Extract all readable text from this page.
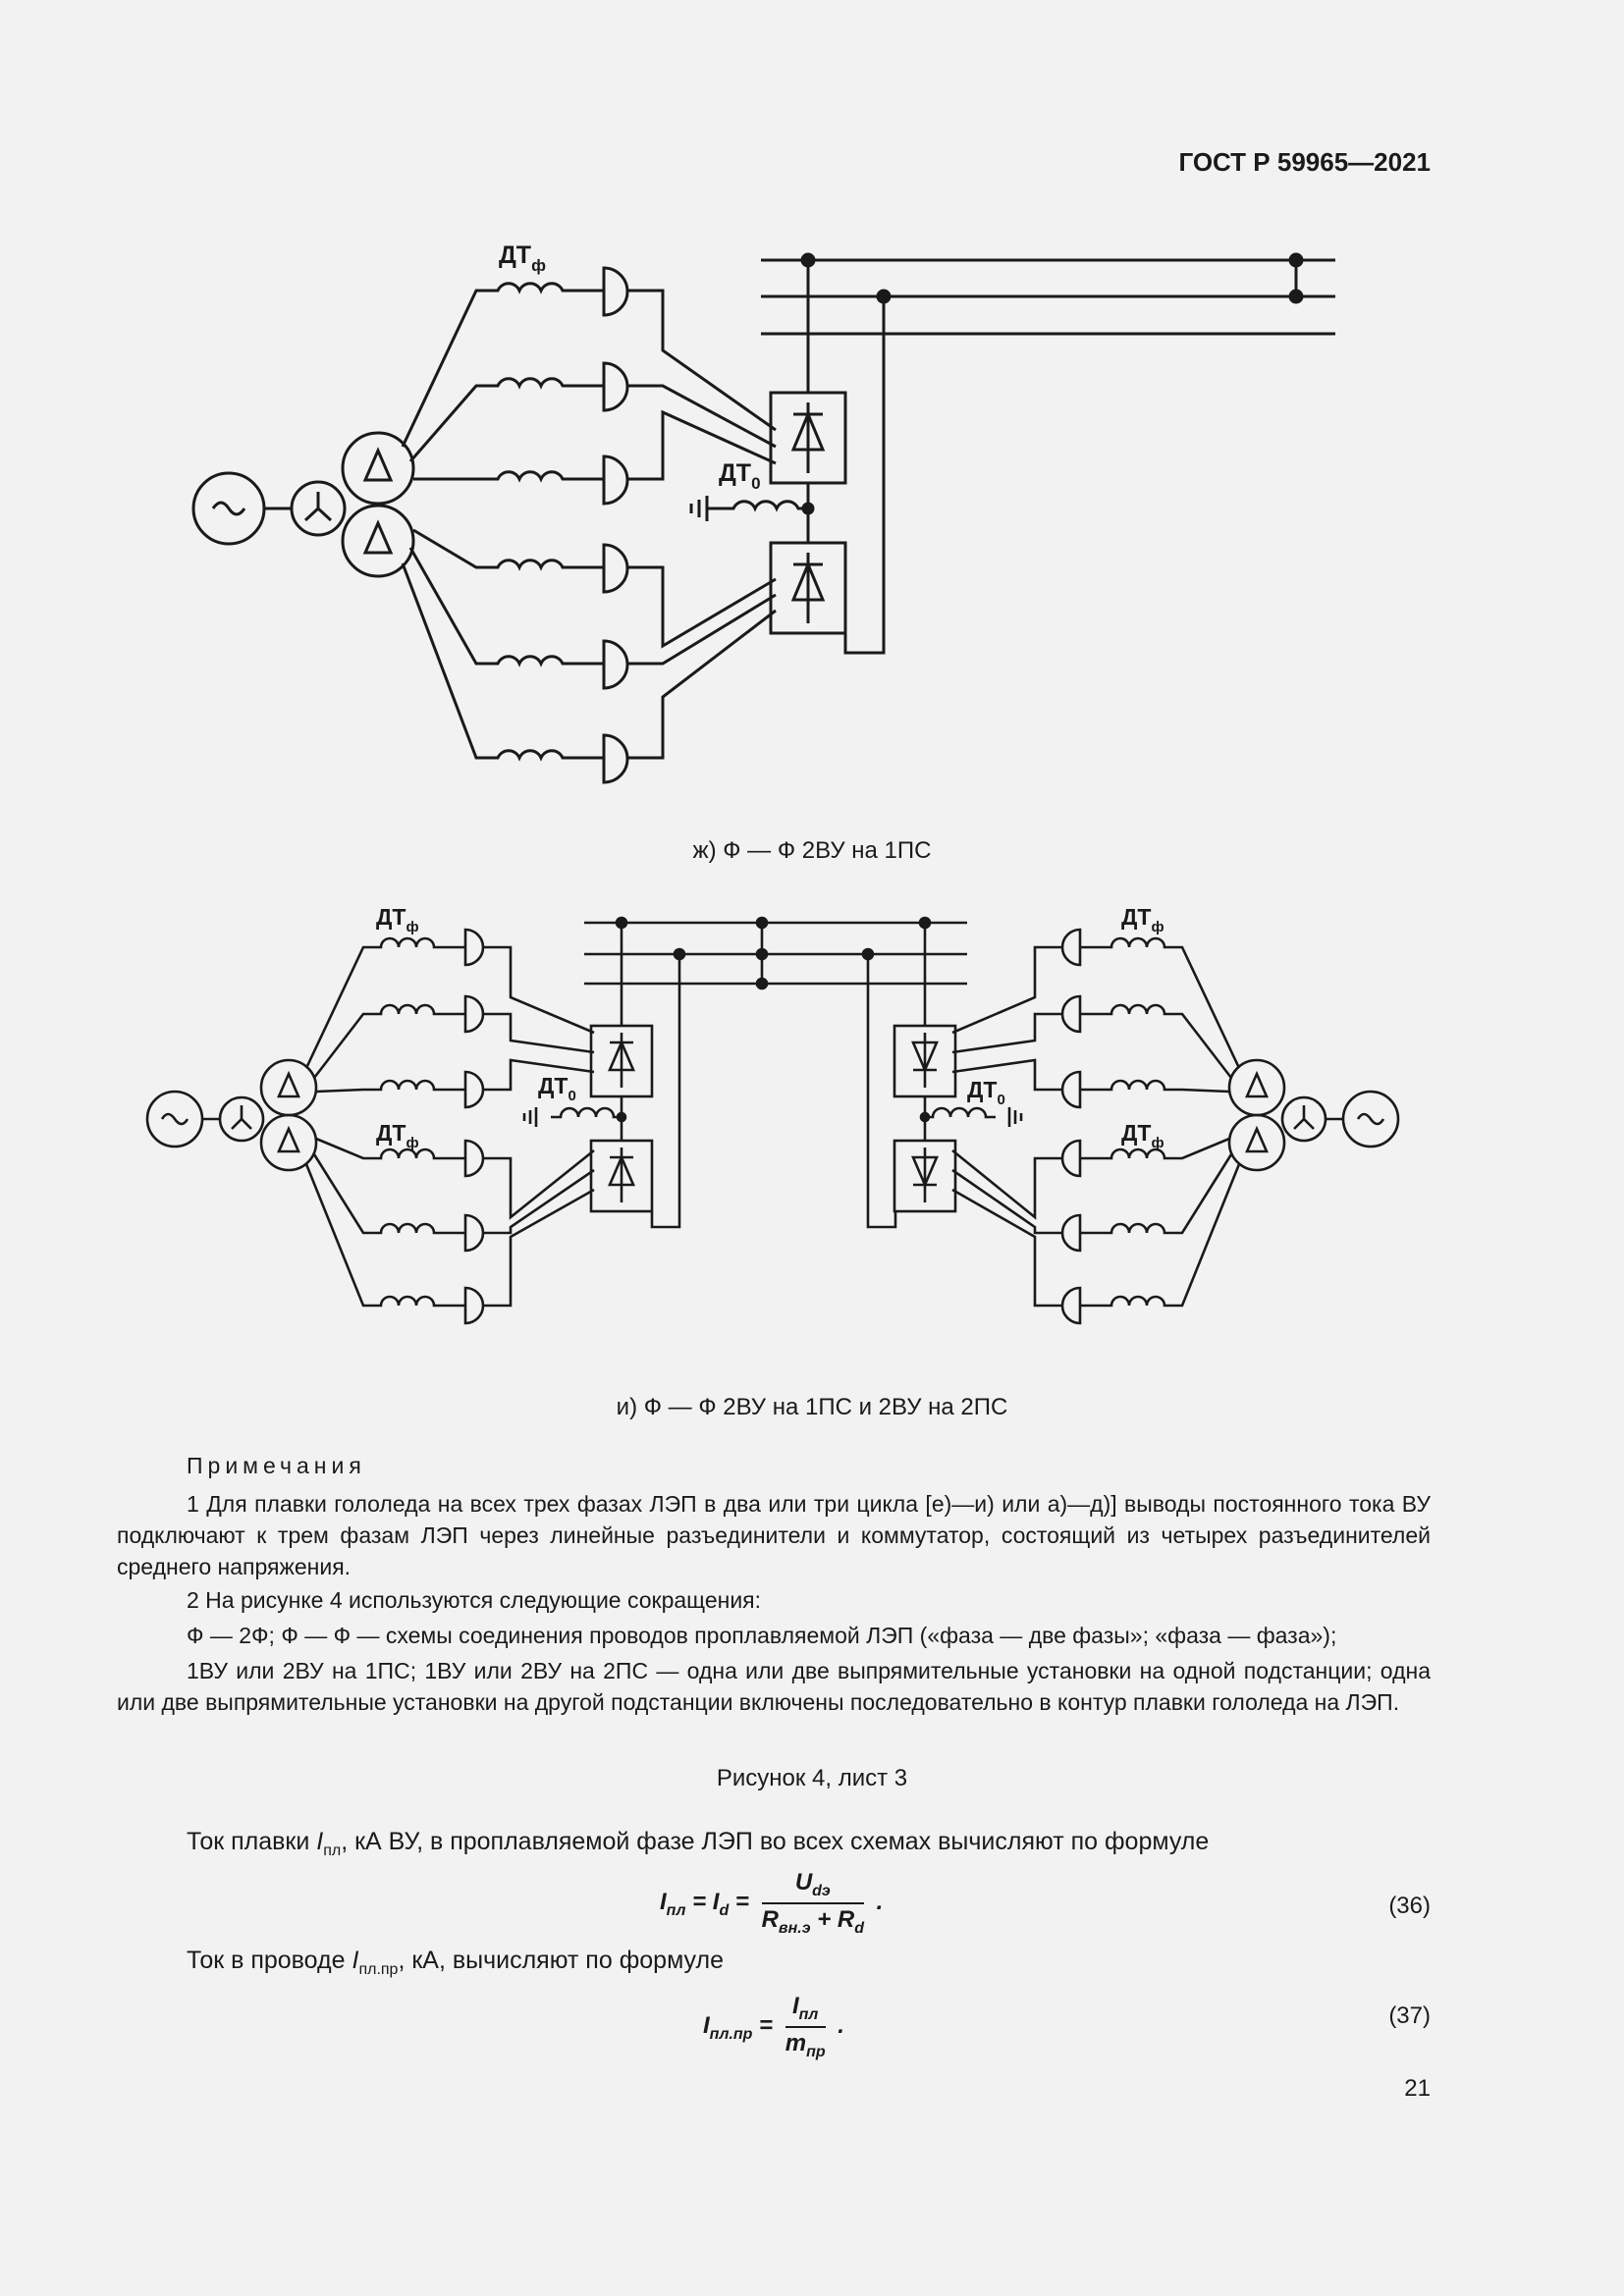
ГОСТ Р 59965—2021
$ДТ_ф$
$ДТ_0$
ж) Ф — Ф 2ВУ на 1ПС
$ДТ_ф$
$ДТ_ф$
$ДТ_0$	$ДТ_0$
$ДТ_ф$
$ДТ_ф$
и) Ф — Ф 2ВУ на 1ПС и 2ВУ на 2ПС
Примечания
1 Для плавки гололеда на всех трех фазах ЛЭП в два или три цикла [е)—и) или а)—д)] выводы постоянного тока ВУ подключают к трем фазам ЛЭП через линейные разъединители и коммутатор, состоящий из четырех разъединителей среднего напряжения.
2 На рисунке 4 используются следующие сокращения:
Ф — 2Ф; Ф — Ф — схемы соединения проводов проплавляемой ЛЭП («фаза — две фазы»; «фаза — фаза»);
1ВУ или 2ВУ на 1ПС; 1ВУ или 2ВУ на 2ПС — одна или две выпрямительные установки на одной подстанции; одна или две выпрямительные установки на другой подстанции включены последовательно в контур плавки гололеда на ЛЭП.
Рисунок 4, лист 3
Ток плавки $I_{пл}$, кА ВУ, в проплавляемой фазе ЛЭП во всех схемах вычисляют по формуле
$I_{пл} = I_d = \frac{U_{dэ}}{R_{вн.э} + R_d}$ .	(36)
Ток в проводе $I_{пл.пр}$, кА, вычисляют по формуле
$I_{пл.пр} = \frac{I_{пл}}{m_{пр}}$ .	(37)
21
